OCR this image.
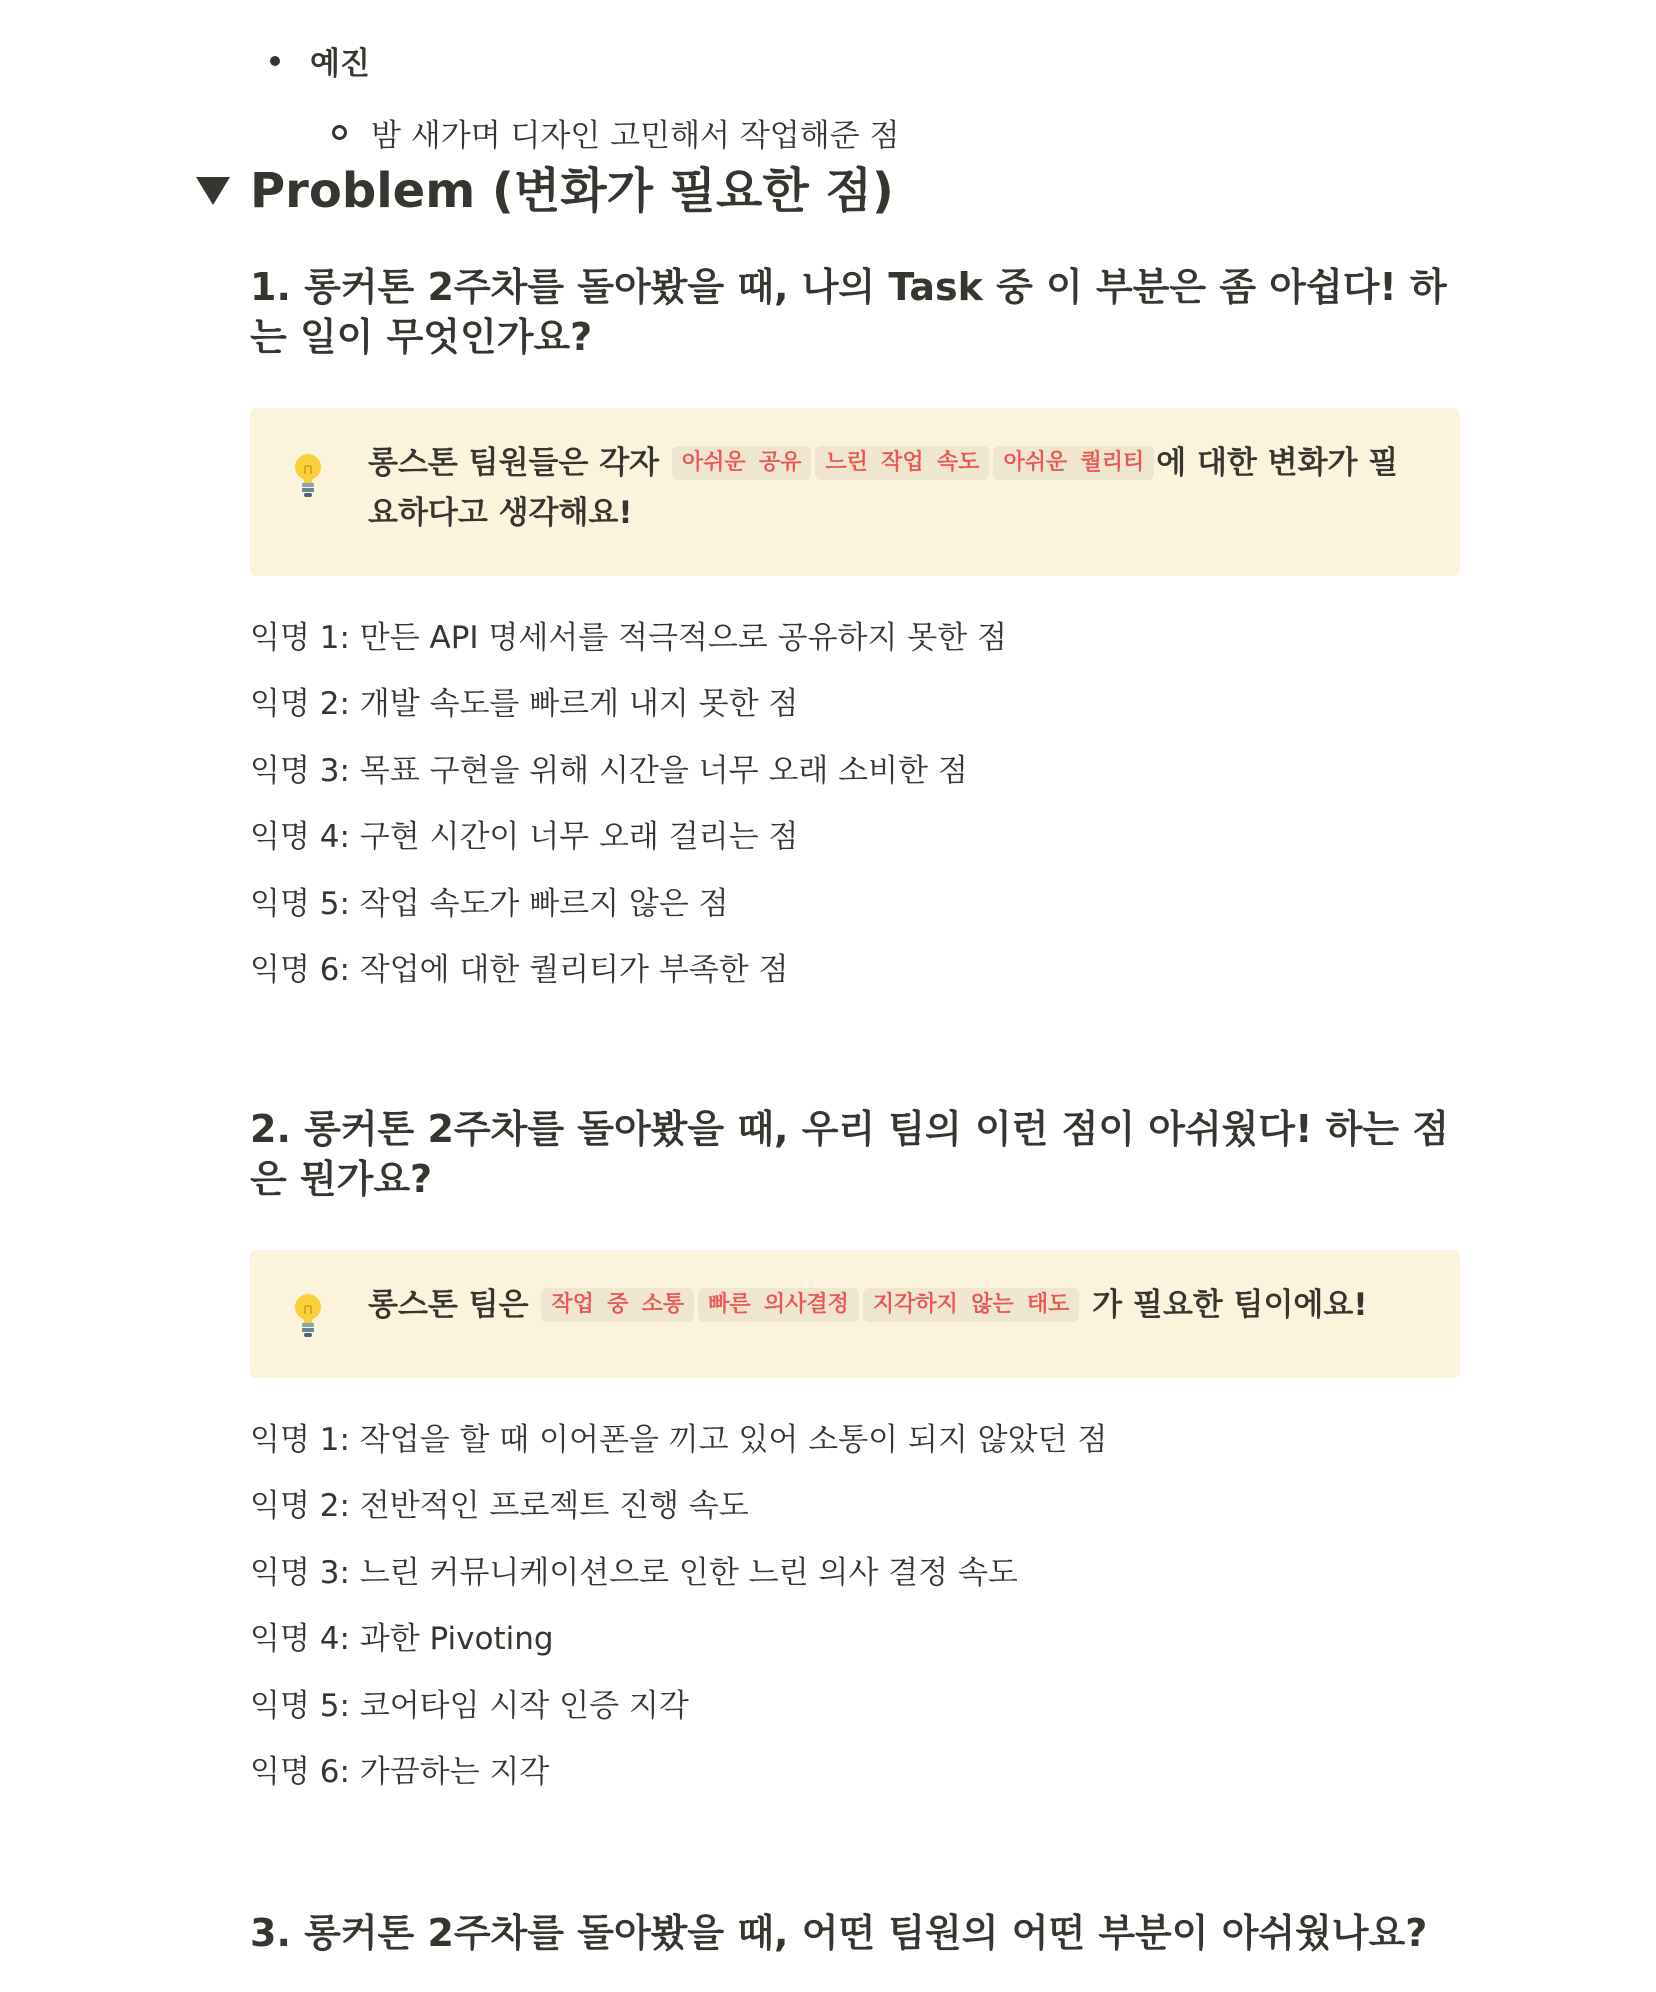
예진
밤 새가며 디자인 고민해서 작업해준 점
Problem (변화가 필요한 점)
1. 롱커톤 2주차를 돌아봤을 때, 나의 Task 중 이 부분은 좀 아쉽다! 하는 일이 무엇인가요?
롱스톤 팀원들은 각자 아쉬운 공유 느린 작업 속도 아쉬운 퀄리티 에 대한 변화가 필요하다고 생각해요!
익명 1: 만든 API 명세서를 적극적으로 공유하지 못한 점
익명 2: 개발 속도를 빠르게 내지 못한 점
익명 3: 목표 구현을 위해 시간을 너무 오래 소비한 점
익명 4: 구현 시간이 너무 오래 걸리는 점
익명 5: 작업 속도가 빠르지 않은 점
익명 6: 작업에 대한 퀄리티가 부족한 점
2. 롱커톤 2주차를 돌아봤을 때, 우리 팀의 이런 점이 아쉬웠다! 하는 점은 뭔가요?
롱스톤 팀은 작업 중 소통 빠른 의사결정 지각하지 않는 태도 가 필요한 팀이에요!
익명 1: 작업을 할 때 이어폰을 끼고 있어 소통이 되지 않았던 점
익명 2: 전반적인 프로젝트 진행 속도
익명 3: 느린 커뮤니케이션으로 인한 느린 의사 결정 속도
익명 4: 과한 Pivoting
익명 5: 코어타임 시작 인증 지각
익명 6: 가끔하는 지각
3. 롱커톤 2주차를 돌아봤을 때, 어떤 팀원의 어떤 부분이 아쉬웠나요?
